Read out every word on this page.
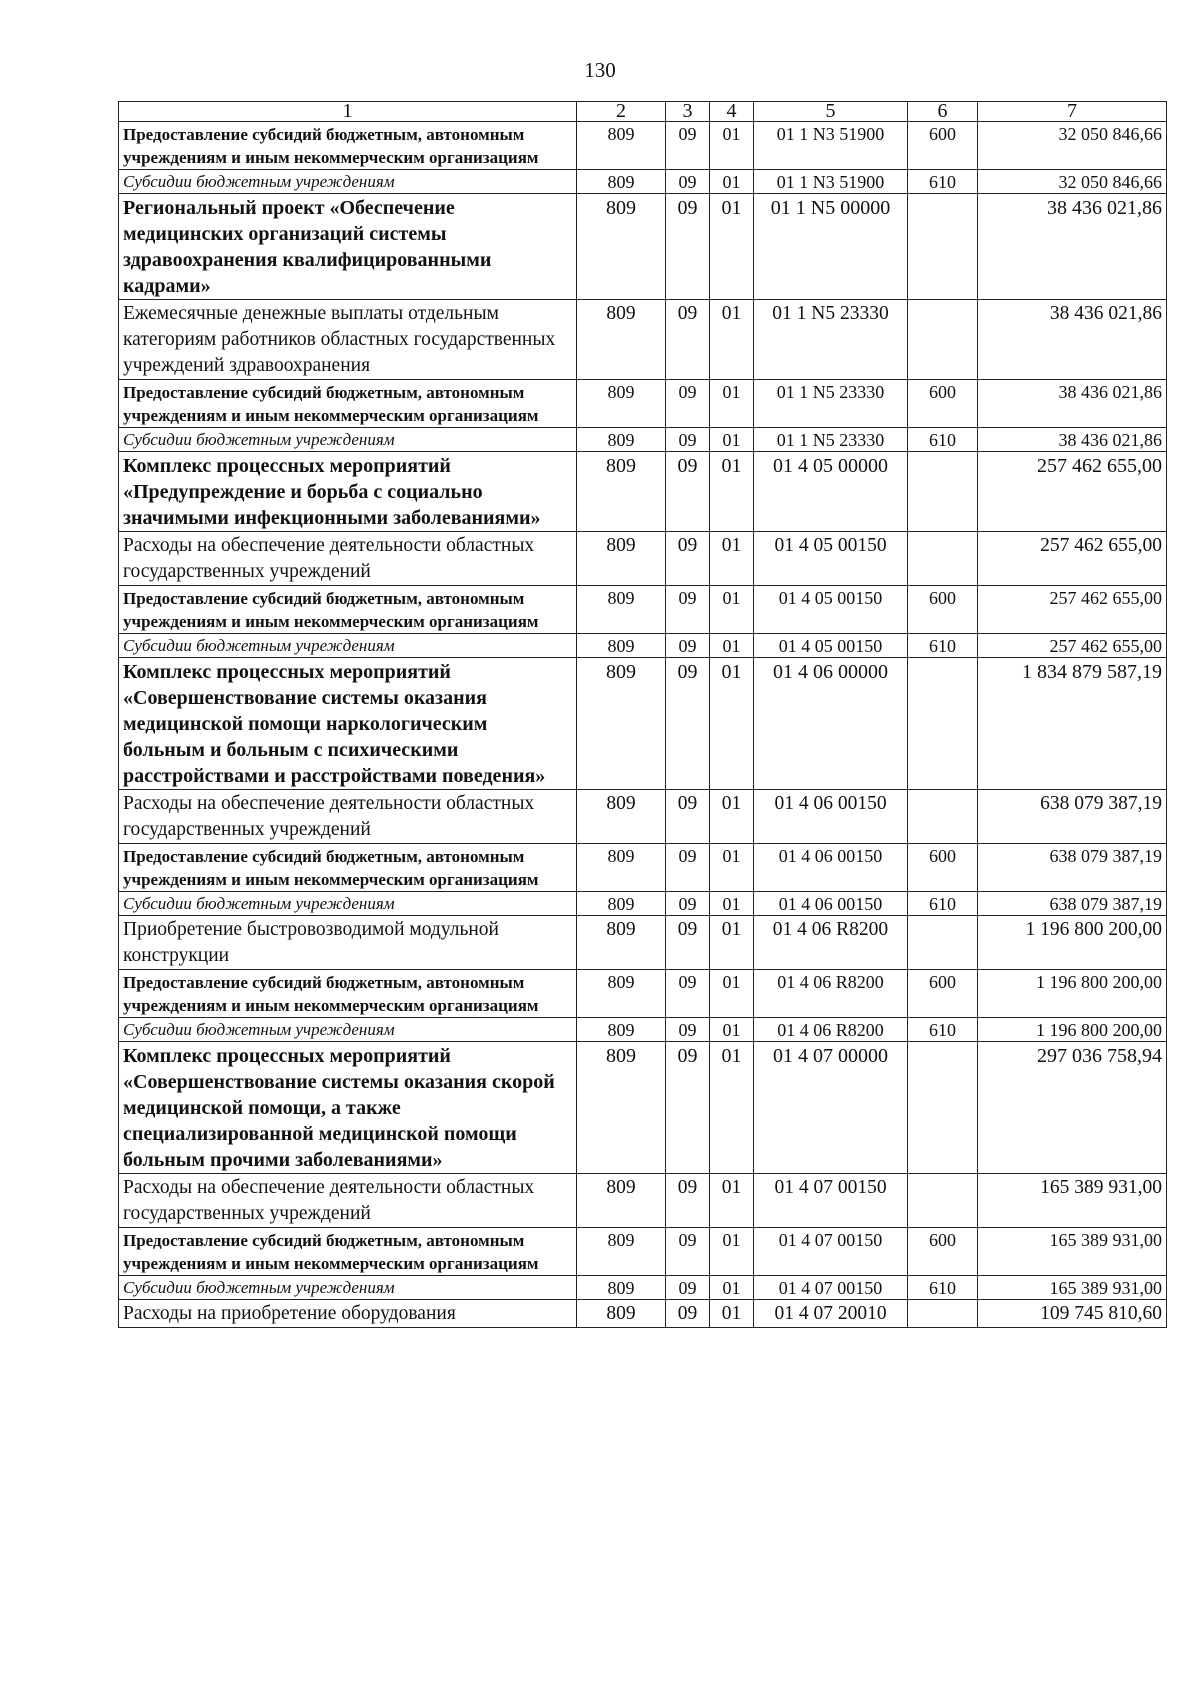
130
1	2	3	4	5	6	7
Предоставление субсидий бюджетным, автономным учреждениям и иным некоммерческим организациям	809	09	01	01 1 N3 51900	600	32 050 846,66
Субсидии бюджетным учреждениям	809	09	01	01 1 N3 51900	610	32 050 846,66
Региональный проект «Обеспечение медицинских организаций системы здравоохранения квалифицированными кадрами»	809	09	01	01 1 N5 00000		38 436 021,86
Ежемесячные денежные выплаты отдельным категориям работников областных государственных учреждений здравоохранения	809	09	01	01 1 N5 23330		38 436 021,86
Предоставление субсидий бюджетным, автономным учреждениям и иным некоммерческим организациям	809	09	01	01 1 N5 23330	600	38 436 021,86
Субсидии бюджетным учреждениям	809	09	01	01 1 N5 23330	610	38 436 021,86
Комплекс процессных мероприятий «Предупреждение и борьба с социально значимыми инфекционными заболеваниями»	809	09	01	01 4 05 00000		257 462 655,00
Расходы на обеспечение деятельности областных государственных учреждений	809	09	01	01 4 05 00150		257 462 655,00
Предоставление субсидий бюджетным, автономным учреждениям и иным некоммерческим организациям	809	09	01	01 4 05 00150	600	257 462 655,00
Субсидии бюджетным учреждениям	809	09	01	01 4 05 00150	610	257 462 655,00
Комплекс процессных мероприятий «Совершенствование системы оказания медицинской помощи наркологическим больным и больным с психическими расстройствами и расстройствами поведения»	809	09	01	01 4 06 00000		1 834 879 587,19
Расходы на обеспечение деятельности областных государственных учреждений	809	09	01	01 4 06 00150		638 079 387,19
Предоставление субсидий бюджетным, автономным учреждениям и иным некоммерческим организациям	809	09	01	01 4 06 00150	600	638 079 387,19
Субсидии бюджетным учреждениям	809	09	01	01 4 06 00150	610	638 079 387,19
Приобретение быстровозводимой модульной конструкции	809	09	01	01 4 06 R8200		1 196 800 200,00
Предоставление субсидий бюджетным, автономным учреждениям и иным некоммерческим организациям	809	09	01	01 4 06 R8200	600	1 196 800 200,00
Субсидии бюджетным учреждениям	809	09	01	01 4 06 R8200	610	1 196 800 200,00
Комплекс процессных мероприятий «Совершенствование системы оказания скорой медицинской помощи, а также специализированной медицинской помощи больным прочими заболеваниями»	809	09	01	01 4 07 00000		297 036 758,94
Расходы на обеспечение деятельности областных государственных учреждений	809	09	01	01 4 07 00150		165 389 931,00
Предоставление субсидий бюджетным, автономным учреждениям и иным некоммерческим организациям	809	09	01	01 4 07 00150	600	165 389 931,00
Субсидии бюджетным учреждениям	809	09	01	01 4 07 00150	610	165 389 931,00
Расходы на приобретение оборудования	809	09	01	01 4 07 20010		109 745 810,60
